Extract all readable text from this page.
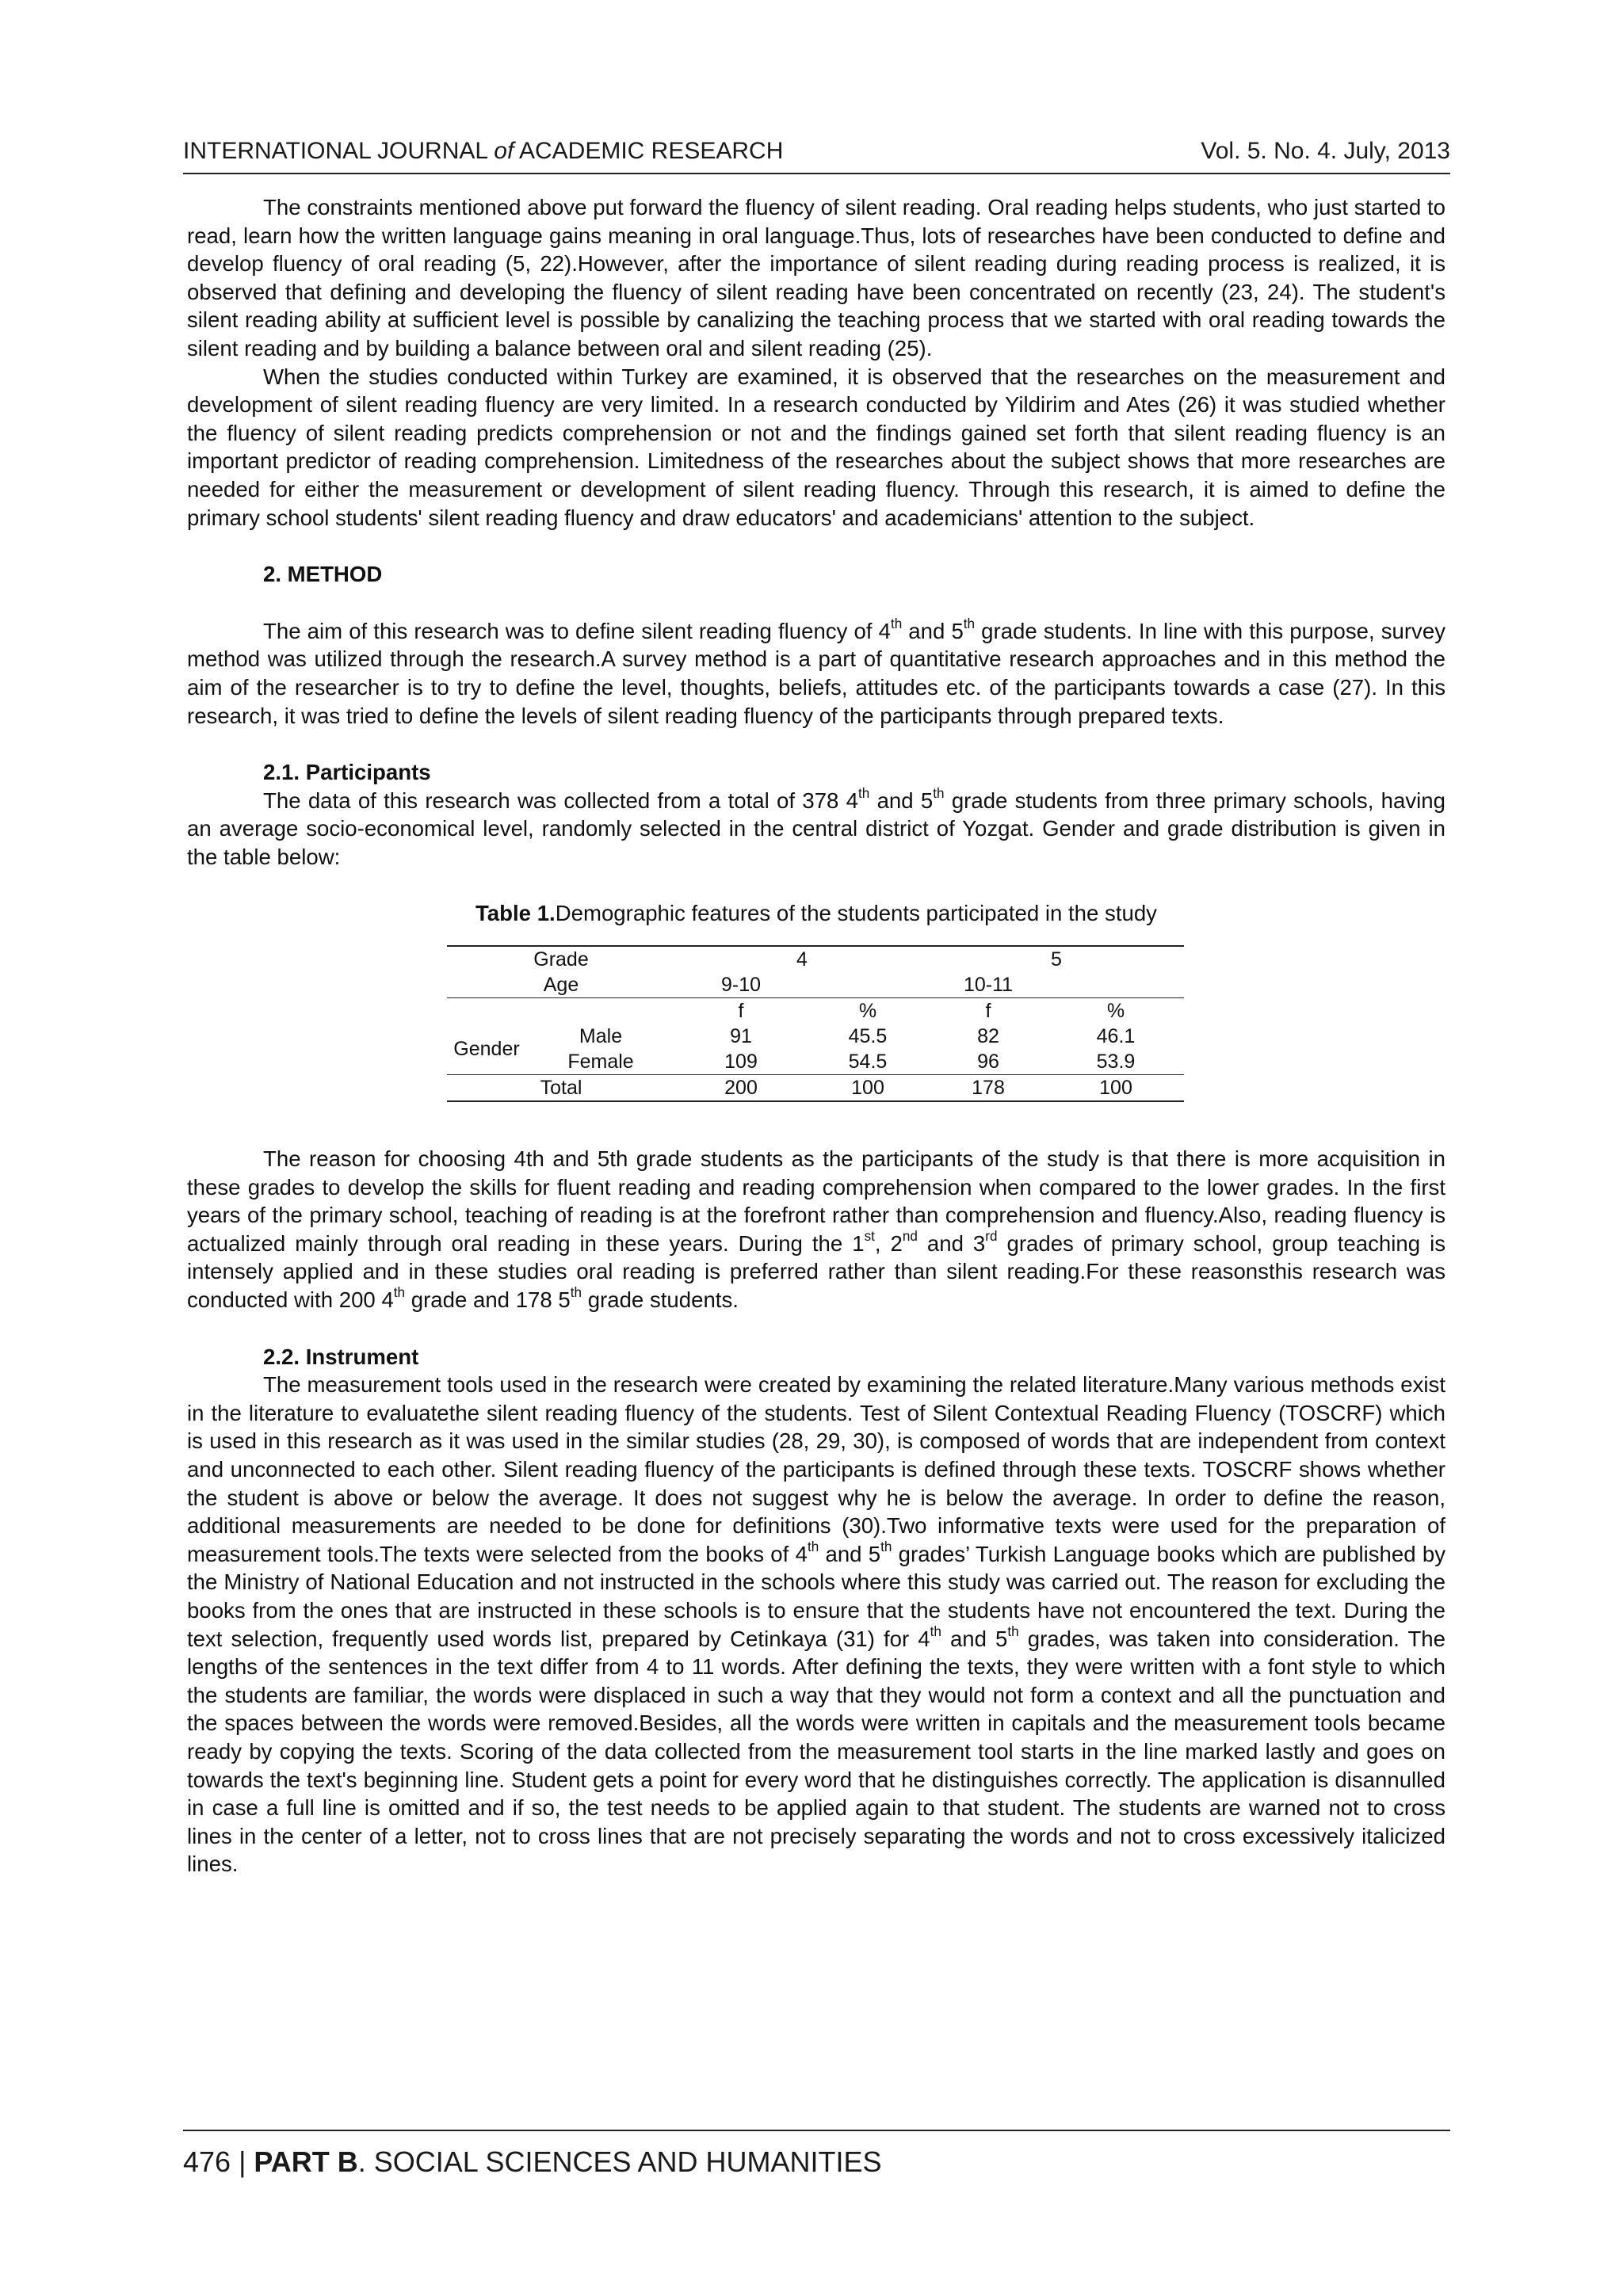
INTERNATIONAL JOURNAL of ACADEMIC RESEARCH	Vol. 5. No. 4. July, 2013

The constraints mentioned above put forward the fluency of silent reading. Oral reading helps students, who just started to read, learn how the written language gains meaning in oral language.Thus, lots of researches have been conducted to define and develop fluency of oral reading (5, 22).However, after the importance of silent reading during reading process is realized, it is observed that defining and developing the fluency of silent reading have been concentrated on recently (23, 24). The student's silent reading ability at sufficient level is possible by canalizing the teaching process that we started with oral reading towards the silent reading and by building a balance between oral and silent reading (25).

When the studies conducted within Turkey are examined, it is observed that the researches on the measurement and development of silent reading fluency are very limited. In a research conducted by Yildirim and Ates (26) it was studied whether the fluency of silent reading predicts comprehension or not and the findings gained set forth that silent reading fluency is an important predictor of reading comprehension. Limitedness of the researches about the subject shows that more researches are needed for either the measurement or development of silent reading fluency. Through this research, it is aimed to define the primary school students' silent reading fluency and draw educators' and academicians' attention to the subject.

2. METHOD

The aim of this research was to define silent reading fluency of 4th and 5th grade students. In line with this purpose, survey method was utilized through the research.A survey method is a part of quantitative research approaches and in this method the aim of the researcher is to try to define the level, thoughts, beliefs, attitudes etc. of the participants towards a case (27). In this research, it was tried to define the levels of silent reading fluency of the participants through prepared texts.

2.1. Participants

The data of this research was collected from a total of 378 4th and 5th grade students from three primary schools, having an average socio-economical level, randomly selected in the central district of Yozgat. Gender and grade distribution is given in the table below:

Table 1.Demographic features of the students participated in the study
Grade		4		5	
Age		9-10		10-11	
		f	%	f	%
Gender	Male	91	45.5	82	46.1
	Female	109	54.5	96	53.9
Total		200	100	178	100

The reason for choosing 4th and 5th grade students as the participants of the study is that there is more acquisition in these grades to develop the skills for fluent reading and reading comprehension when compared to the lower grades. In the first years of the primary school, teaching of reading is at the forefront rather than comprehension and fluency.Also, reading fluency is actualized mainly through oral reading in these years. During the 1st, 2nd and 3rd grades of primary school, group teaching is intensely applied and in these studies oral reading is preferred rather than silent reading.For these reasonsthis research was conducted with 200 4th grade and 178 5th grade students.

2.2. Instrument

The measurement tools used in the research were created by examining the related literature.Many various methods exist in the literature to evaluatethe silent reading fluency of the students. Test of Silent Contextual Reading Fluency (TOSCRF) which is used in this research as it was used in the similar studies (28, 29, 30), is composed of words that are independent from context and unconnected to each other. Silent reading fluency of the participants is defined through these texts. TOSCRF shows whether the student is above or below the average. It does not suggest why he is below the average. In order to define the reason, additional measurements are needed to be done for definitions (30).Two informative texts were used for the preparation of measurement tools.The texts were selected from the books of 4th and 5th grades’ Turkish Language books which are published by the Ministry of National Education and not instructed in the schools where this study was carried out. The reason for excluding the books from the ones that are instructed in these schools is to ensure that the students have not encountered the text. During the text selection, frequently used words list, prepared by Cetinkaya (31) for 4th and 5th grades, was taken into consideration. The lengths of the sentences in the text differ from 4 to 11 words. After defining the texts, they were written with a font style to which the students are familiar, the words were displaced in such a way that they would not form a context and all the punctuation and the spaces between the words were removed.Besides, all the words were written in capitals and the measurement tools became ready by copying the texts. Scoring of the data collected from the measurement tool starts in the line marked lastly and goes on towards the text's beginning line. Student gets a point for every word that he distinguishes correctly. The application is disannulled in case a full line is omitted and if so, the test needs to be applied again to that student. The students are warned not to cross lines in the center of a letter, not to cross lines that are not precisely separating the words and not to cross excessively italicized lines.

476 | PART B. SOCIAL SCIENCES AND HUMANITIES
